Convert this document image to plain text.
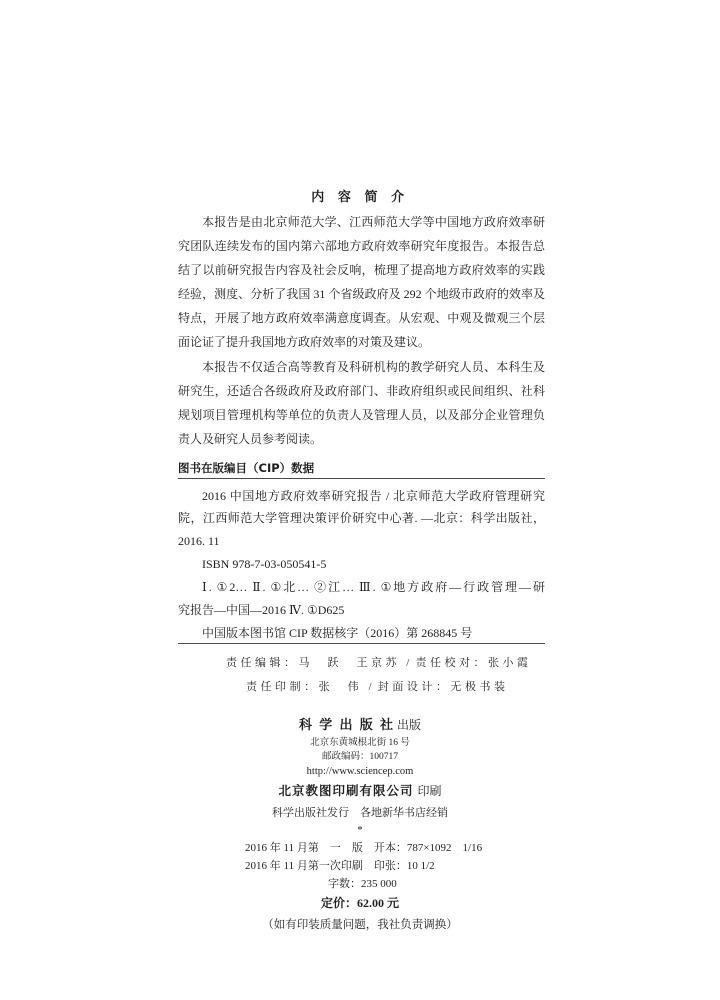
内 容 简 介
本报告是由北京师范大学、江西师范大学等中国地方政府效率研
究团队连续发布的国内第六部地方政府效率研究年度报告。本报告总
结了以前研究报告内容及社会反响，梳理了提高地方政府效率的实践
经验，测度、分析了我国 31 个省级政府及 292 个地级市政府的效率及
特点，开展了地方政府效率满意度调查。从宏观、中观及微观三个层
面论证了提升我国地方政府效率的对策及建议。
本报告不仅适合高等教育及科研机构的教学研究人员、本科生及
研究生，还适合各级政府及政府部门、非政府组织或民间组织、社科
规划项目管理机构等单位的负责人及管理人员，以及部分企业管理负
责人及研究人员参考阅读。
图书在版编目（CIP）数据
2016 中国地方政府效率研究报告 / 北京师范大学政府管理研究
院，江西师范大学管理决策评价研究中心著. —北京：科学出版社，
2016. 11
ISBN 978-7-03-050541-5
Ⅰ. ①2… Ⅱ. ①北… ②江… Ⅲ. ①地方政府—行政管理—研
究报告—中国—2016 Ⅳ. ①D625
中国版本图书馆 CIP 数据核字（2016）第 268845 号
责任编辑：马　跃　王京苏 / 责任校对：张小霞
责任印制：张　伟 / 封面设计：无极书装
科 学 出 版 社 出版
北京东黄城根北街 16 号
邮政编码：100717
http://www.sciencep.com
北京教图印刷有限公司 印刷
科学出版社发行　各地新华书店经销
*
2016 年 11 月第　一　版　开本：787×1092　1/16
2016 年 11 月第一次印刷　印张：10 1/2
字数：235 000
定价：62.00 元
（如有印装质量问题，我社负责调换）
